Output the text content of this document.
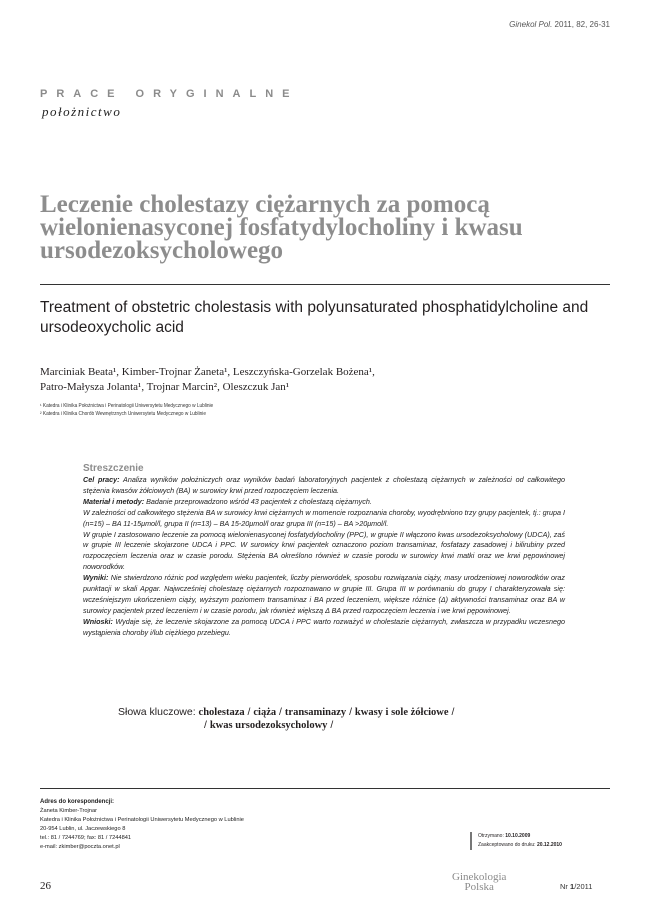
Ginekol Pol. 2011, 82, 26-31
PRACE ORYGINALNE
położnictwo
Leczenie cholestazy ciężarnych za pomocą wielonienasyconej fosfatydylocholiny i kwasu ursodezoksycholowego
Treatment of obstetric cholestasis with polyunsaturated phosphatidylcholine and ursodeoxycholic acid
Marciniak Beata¹, Kimber-Trojnar Żaneta¹, Leszczyńska-Gorzelak Bożena¹,
Patro-Małysza Jolanta¹, Trojnar Marcin², Oleszczuk Jan¹
¹ Katedra i Klinika Położnictwa i Perinatologii Uniwersytetu Medycznego w Lublinie
² Katedra i Klinika Chorób Wewnętrznych Uniwersytetu Medycznego w Lublinie
Streszczenie

Cel pracy: Analiza wyników położniczych oraz wyników badań laboratoryjnych pacjentek z cholestazą ciężarnych w zależności od całkowitego stężenia kwasów żółciowych (BA) w surowicy krwi przed rozpoczęciem leczenia.

Materiał i metody: Badanie przeprowadzono wśród 43 pacjentek z cholestazą ciężarnych.

W zależności od całkowitego stężenia BA w surowicy krwi ciężarnych w momencie rozpoznania choroby, wyodrębniono trzy grupy pacjentek, tj.: grupa I (n=15) – BA 11-15μmol/l, grupa II (n=13) – BA 15-20μmol/l oraz grupa III (n=15) – BA >20μmol/l.

W grupie I zastosowano leczenie za pomocą wielonienasyconej fosfatydylocholiny (PPC), w grupie II włączono kwas ursodezoksycholowy (UDCA), zaś w grupie III leczenie skojarzone UDCA i PPC. W surowicy krwi pacjentek oznaczono poziom transaminaz, fosfatazy zasadowej i bilirubiny przed rozpoczęciem leczenia oraz w czasie porodu. Stężenia BA określono również w czasie porodu w surowicy krwi matki oraz we krwi pępowinowej noworodków.

Wyniki: Nie stwierdzono różnic pod względem wieku pacjentek, liczby pierworódek, sposobu rozwiązania ciąży, masy urodzeniowej noworodków oraz punktacji w skali Apgar. Najwcześniej cholestazę ciężarnych rozpoznawano w grupie III. Grupa III w porównaniu do grupy I charakteryzowała się: wcześniejszym ukończeniem ciąży, wyższym poziomem transaminaz i BA przed leczeniem, większe różnice (Δ) aktywności transaminaz oraz BA w surowicy pacjentek przed leczeniem i w czasie porodu, jak również większą Δ BA przed rozpoczęciem leczenia i we krwi pępowinowej.

Wnioski: Wydaje się, że leczenie skojarzone za pomocą UDCA i PPC warto rozważyć w cholestazie ciężarnych, zwłaszcza w przypadku wczesnego wystąpienia choroby i/lub ciężkiego przebiegu.

Słowa kluczowe: cholestaza / ciąża / transaminazy / kwasy i sole żółciowe /
/ kwas ursodezoksycholowy /
Adres do korespondencji:
Żaneta Kimber-Trojnar
Katedra i Klinika Położnictwa i Perinatologii Uniwersytetu Medycznego w Lublinie
20-954 Lublin, ul. Jaczewskiego 8
tel.: 81 / 7244769; fax: 81 / 7244841
e-mail: zkimber@poczta.onet.pl
Otrzymano: 10.10.2009
Zaakceptowano do druku: 20.12.2010
26
Ginekologia
Polska	Nr 1/2011
